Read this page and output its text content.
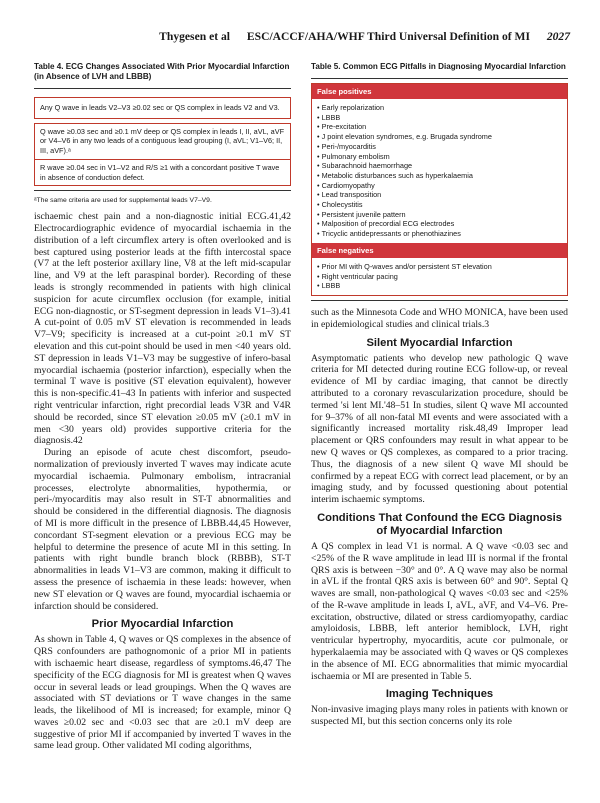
Thygesen et al ESC/ACCF/AHA/WHF Third Universal Definition of MI 2027
Table 4. ECG Changes Associated With Prior Myocardial Infarction (in Absence of LVH and LBBB)
Any Q wave in leads V2–V3 ≥0.02 sec or QS complex in leads V2 and V3.
Q wave ≥0.03 sec and ≥0.1 mV deep or QS complex in leads I, II, aVL, aVF or V4–V6 in any two leads of a contiguous lead grouping (I, aVL; V1–V6; II, III, aVF).ᵃ
R wave ≥0.04 sec in V1–V2 and R/S ≥1 with a concordant positive T wave in absence of conduction defect.
ᵃThe same criteria are used for supplemental leads V7–V9.

ischaemic chest pain and a non-diagnostic initial ECG.41,42 Electrocardiographic evidence of myocardial ischaemia in the distribution of a left circumflex artery is often overlooked and is best captured using posterior leads at the fifth intercostal space (V7 at the left posterior axillary line, V8 at the left mid-scapular line, and V9 at the left paraspinal border). Recording of these leads is strongly recommended in patients with high clinical suspicion for acute circumflex occlusion (for example, initial ECG non-diagnostic, or ST-segment depression in leads V1–3).41 A cut-point of 0.05 mV ST elevation is recommended in leads V7–V9; specificity is increased at a cut-point ≥0.1 mV ST elevation and this cut-point should be used in men <40 years old. ST depression in leads V1–V3 may be suggestive of infero-basal myocardial ischaemia (posterior infarction), especially when the terminal T wave is positive (ST elevation equivalent), however this is non-specific.41–43 In patients with inferior and suspected right ventricular infarction, right precordial leads V3R and V4R should be recorded, since ST elevation ≥0.05 mV (≥0.1 mV in men <30 years old) provides supportive criteria for the diagnosis.42

During an episode of acute chest discomfort, pseudo-normalization of previously inverted T waves may indicate acute myocardial ischaemia. Pulmonary embolism, intracranial processes, electrolyte abnormalities, hypothermia, or peri-/myocarditis may also result in ST-T abnormalities and should be considered in the differential diagnosis. The diagnosis of MI is more difficult in the presence of LBBB.44,45 However, concordant ST-segment elevation or a previous ECG may be helpful to determine the presence of acute MI in this setting. In patients with right bundle branch block (RBBB), ST-T abnormalities in leads V1–V3 are common, making it difficult to assess the presence of ischaemia in these leads: however, when new ST elevation or Q waves are found, myocardial ischaemia or infarction should be considered.

Prior Myocardial Infarction

As shown in Table 4, Q waves or QS complexes in the absence of QRS confounders are pathognomonic of a prior MI in patients with ischaemic heart disease, regardless of symptoms.46,47 The specificity of the ECG diagnosis for MI is greatest when Q waves occur in several leads or lead groupings. When the Q waves are associated with ST deviations or T wave changes in the same leads, the likelihood of MI is increased; for example, minor Q waves ≥0.02 sec and <0.03 sec that are ≥0.1 mV deep are suggestive of prior MI if accompanied by inverted T waves in the same lead group. Other validated MI coding algorithms,

Table 5. Common ECG Pitfalls in Diagnosing Myocardial Infarction
False positives
• Early repolarization
• LBBB
• Pre-excitation
• J point elevation syndromes, e.g. Brugada syndrome
• Peri-/myocarditis
• Pulmonary embolism
• Subarachnoid haemorrhage
• Metabolic disturbances such as hyperkalaemia
• Cardiomyopathy
• Lead transposition
• Cholecystitis
• Persistent juvenile pattern
• Malposition of precordial ECG electrodes
• Tricyclic antidepressants or phenothiazines
False negatives
• Prior MI with Q-waves and/or persistent ST elevation
• Right ventricular pacing
• LBBB

such as the Minnesota Code and WHO MONICA, have been used in epidemiological studies and clinical trials.3

Silent Myocardial Infarction

Asymptomatic patients who develop new pathologic Q wave criteria for MI detected during routine ECG follow-up, or reveal evidence of MI by cardiac imaging, that cannot be directly attributed to a coronary revascularization procedure, should be termed 'si lent MI.'48–51 In studies, silent Q wave MI accounted for 9–37% of all non-fatal MI events and were associated with a significantly increased mortality risk.48,49 Improper lead placement or QRS confounders may result in what appear to be new Q waves or QS complexes, as compared to a prior tracing. Thus, the diagnosis of a new silent Q wave MI should be confirmed by a repeat ECG with correct lead placement, or by an imaging study, and by focussed questioning about potential interim ischaemic symptoms.

Conditions That Confound the ECG Diagnosis of Myocardial Infarction

A QS complex in lead V1 is normal. A Q wave <0.03 sec and <25% of the R wave amplitude in lead III is normal if the frontal QRS axis is between −30° and 0°. A Q wave may also be normal in aVL if the frontal QRS axis is between 60° and 90°. Septal Q waves are small, non-pathological Q waves <0.03 sec and <25% of the R-wave amplitude in leads I, aVL, aVF, and V4–V6. Pre-excitation, obstructive, dilated or stress cardiomyopathy, cardiac amyloidosis, LBBB, left anterior hemiblock, LVH, right ventricular hypertrophy, myocarditis, acute cor pulmonale, or hyperkalaemia may be associated with Q waves or QS complexes in the absence of MI. ECG abnormalities that mimic myocardial ischaemia or MI are presented in Table 5.

Imaging Techniques

Non-invasive imaging plays many roles in patients with known or suspected MI, but this section concerns only its role
